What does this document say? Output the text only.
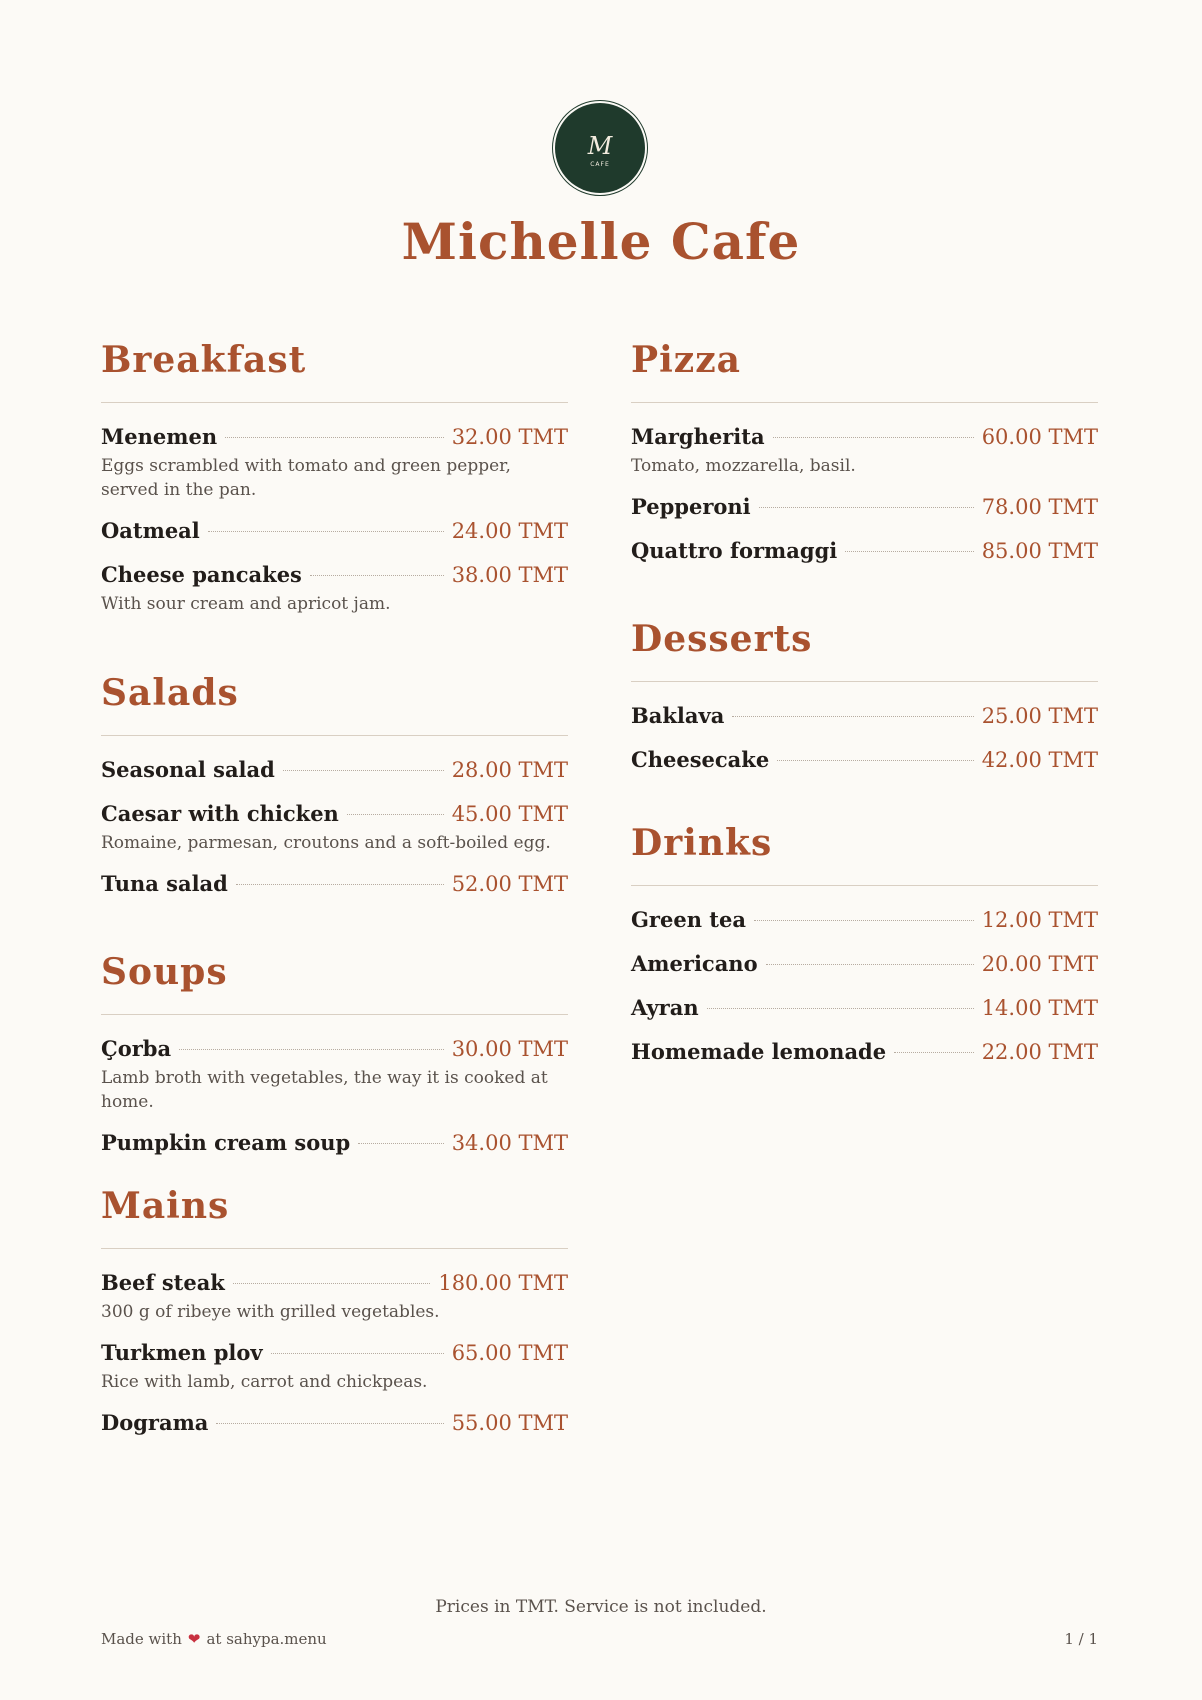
M
CAFE
Michelle Cafe
Breakfast
Menemen	32.00 TMT
Eggs scrambled with tomato and green pepper, served in the pan.
Oatmeal	24.00 TMT
Cheese pancakes	38.00 TMT
With sour cream and apricot jam.
Salads
Seasonal salad	28.00 TMT
Caesar with chicken	45.00 TMT
Romaine, parmesan, croutons and a soft-boiled egg.
Tuna salad	52.00 TMT
Soups
Çorba	30.00 TMT
Lamb broth with vegetables, the way it is cooked at home.
Pumpkin cream soup	34.00 TMT
Mains
Beef steak	180.00 TMT
300 g of ribeye with grilled vegetables.
Turkmen plov	65.00 TMT
Rice with lamb, carrot and chickpeas.
Dograma	55.00 TMT
Pizza
Margherita	60.00 TMT
Tomato, mozzarella, basil.
Pepperoni	78.00 TMT
Quattro formaggi	85.00 TMT
Desserts
Baklava	25.00 TMT
Cheesecake	42.00 TMT
Drinks
Green tea	12.00 TMT
Americano	20.00 TMT
Ayran	14.00 TMT
Homemade lemonade	22.00 TMT
Prices in TMT. Service is not included.
Made with ❤ at sahypa.menu	1 / 1
